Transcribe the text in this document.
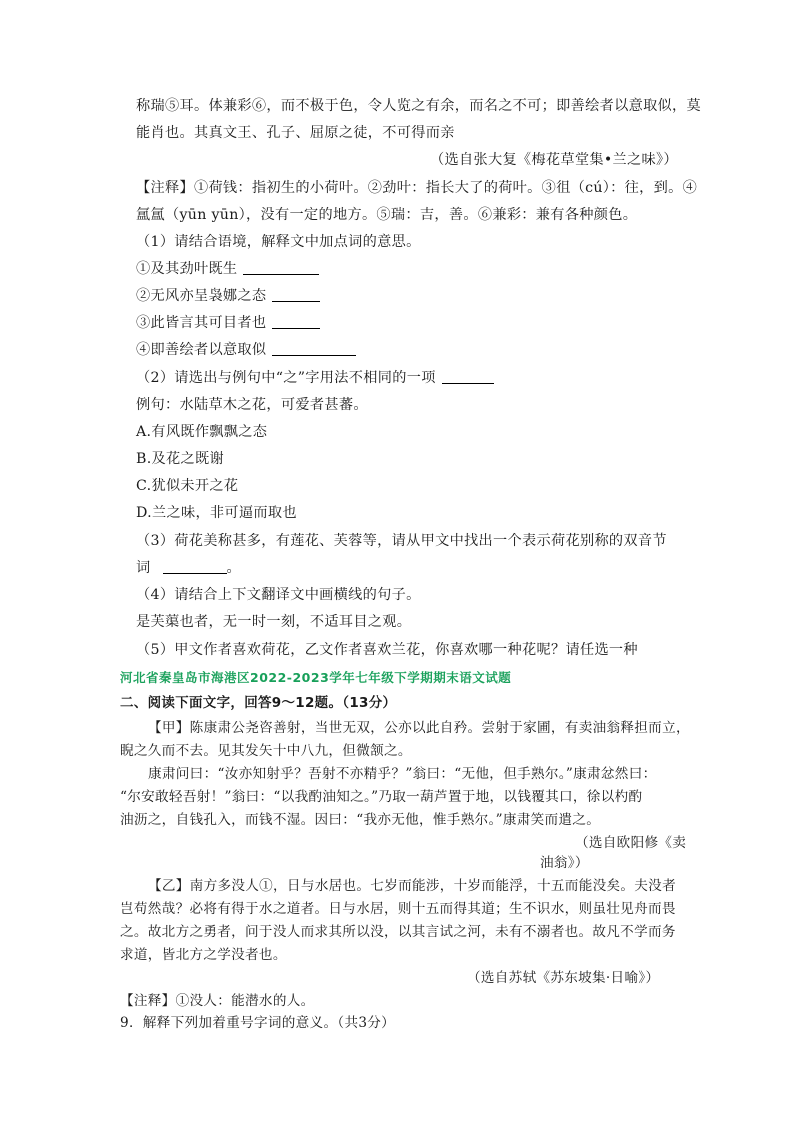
称瑞⑤耳。体兼彩⑥，而不极于色，令人览之有余，而名之不可；即善绘者以意取似，莫
能肖也。其真文王、孔子、屈原之徒，不可得而亲
（选自张大复《梅花草堂集•兰之味》）
【注释】①荷钱：指初生的小荷叶。②劲叶：指长大了的荷叶。③徂（cú）：往，到。④
氲氲（yūn yūn），没有一定的地方。⑤瑞：吉，善。⑥兼彩：兼有各种颜色。
（1）请结合语境，解释文中加点词的意思。
①及其劲叶既生
②无风亦呈袅娜之态
③此皆言其可目者也
④即善绘者以意取似
（2）请选出与例句中“之”字用法不相同的一项
例句：水陆草木之花，可爱者甚蕃。
A.有风既作飘飘之态
B.及花之既谢
C.犹似未开之花
D.兰之味，非可逼而取也
（3）荷花美称甚多，有莲花、芙蓉等，请从甲文中找出一个表示荷花别称的双音节
词	。
（4）请结合上下文翻译文中画横线的句子。
是芙蕖也者，无一时一刻，不适耳目之观。
（5）甲文作者喜欢荷花，乙文作者喜欢兰花，你喜欢哪一种花呢？请任选一种
河北省秦皇岛市海港区2022-2023学年七年级下学期期末语文试题
二、阅读下面文字，回答9～12题。（13分）
【甲】陈康肃公尧咨善射，当世无双，公亦以此自矜。尝射于家圃，有卖油翁释担而立，
睨之久而不去。见其发矢十中八九，但微颔之。
康肃问曰：“汝亦知射乎？吾射不亦精乎？”翁曰：“无他，但手熟尔。”康肃忿然曰：
“尔安敢轻吾射！”翁曰：“以我酌油知之。”乃取一葫芦置于地，以钱覆其口，徐以杓酌
油沥之，自钱孔入，而钱不湿。因曰：“我亦无他，惟手熟尔。”康肃笑而遣之。
（选自欧阳修《卖
油翁》）
【乙】南方多没人①，日与水居也。七岁而能涉，十岁而能浮，十五而能没矣。夫没者
岂苟然哉？必将有得于水之道者。日与水居，则十五而得其道；生不识水，则虽壮见舟而畏
之。故北方之勇者，问于没人而求其所以没，以其言试之河，未有不溺者也。故凡不学而务
求道，皆北方之学没者也。
（选自苏轼《苏东坡集·日喻》）
【注释】①没人：能潜水的人。
9．解释下列加着重号字词的意义。（共3分）
